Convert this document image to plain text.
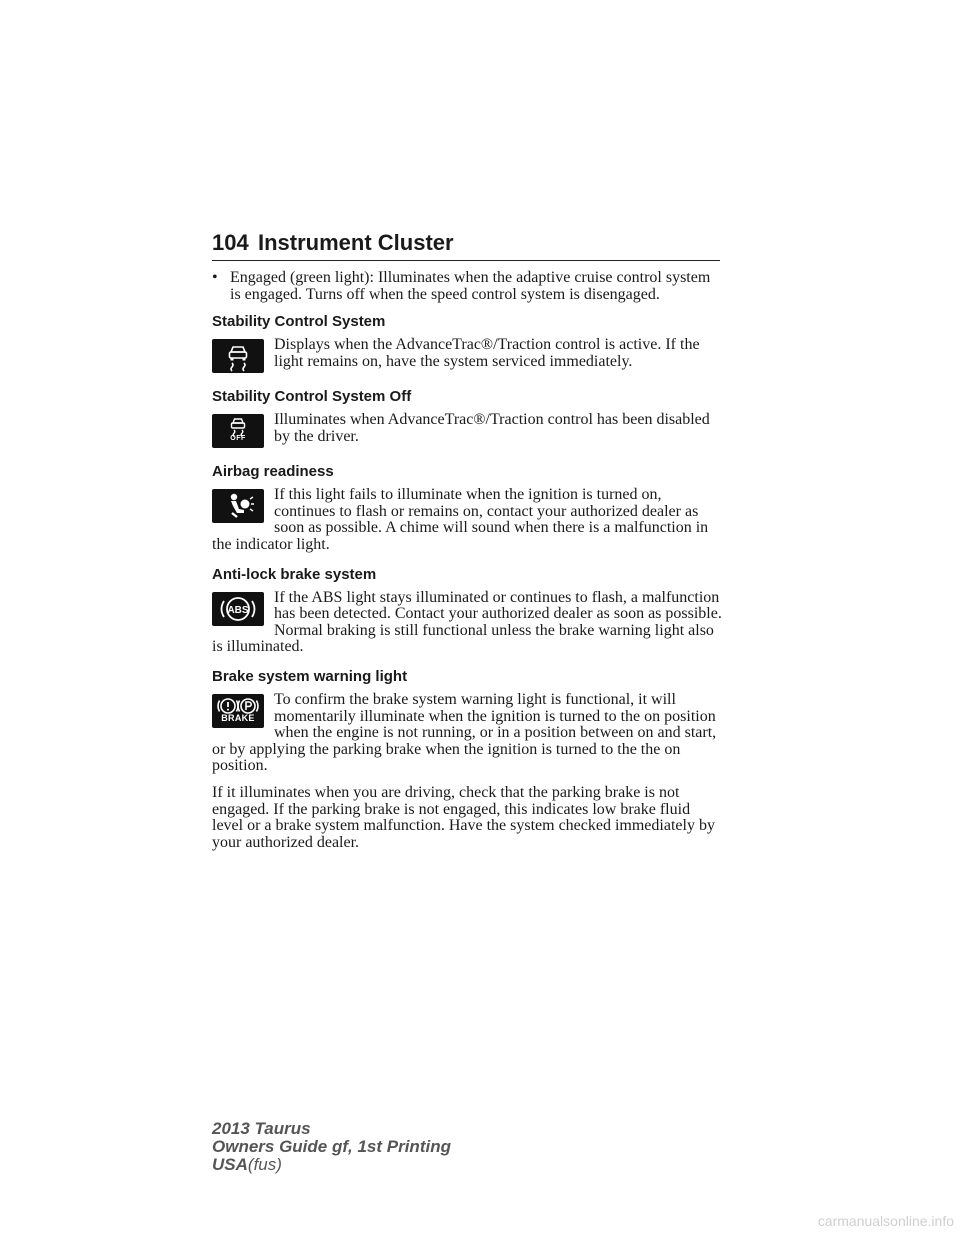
104 Instrument Cluster
• Engaged (green light): Illuminates when the adaptive cruise control system is engaged. Turns off when the speed control system is disengaged.
Stability Control System

Displays when the AdvanceTrac®/Traction control is active. If the light remains on, have the system serviced immediately.

Stability Control System Off
OFF

Illuminates when AdvanceTrac®/Traction control has been disabled by the driver.

Airbag readiness

If this light fails to illuminate when the ignition is turned on, continues to flash or remains on, contact your authorized dealer as soon as possible. A chime will sound when there is a malfunction in the indicator light.

Anti-lock brake system
ABS

If the ABS light stays illuminated or continues to flash, a malfunction has been detected. Contact your authorized dealer as soon as possible. Normal braking is still functional unless the brake warning light also is illuminated.

Brake system warning light
BRAKE

To confirm the brake system warning light is functional, it will momentarily illuminate when the ignition is turned to the on position when the engine is not running, or in a position between on and start, or by applying the parking brake when the ignition is turned to the the on position.

If it illuminates when you are driving, check that the parking brake is not engaged. If the parking brake is not engaged, this indicates low brake fluid level or a brake system malfunction. Have the system checked immediately by your authorized dealer.

2013 Taurus
Owners Guide gf, 1st Printing
USA(fus)
carmanualsonline.info
